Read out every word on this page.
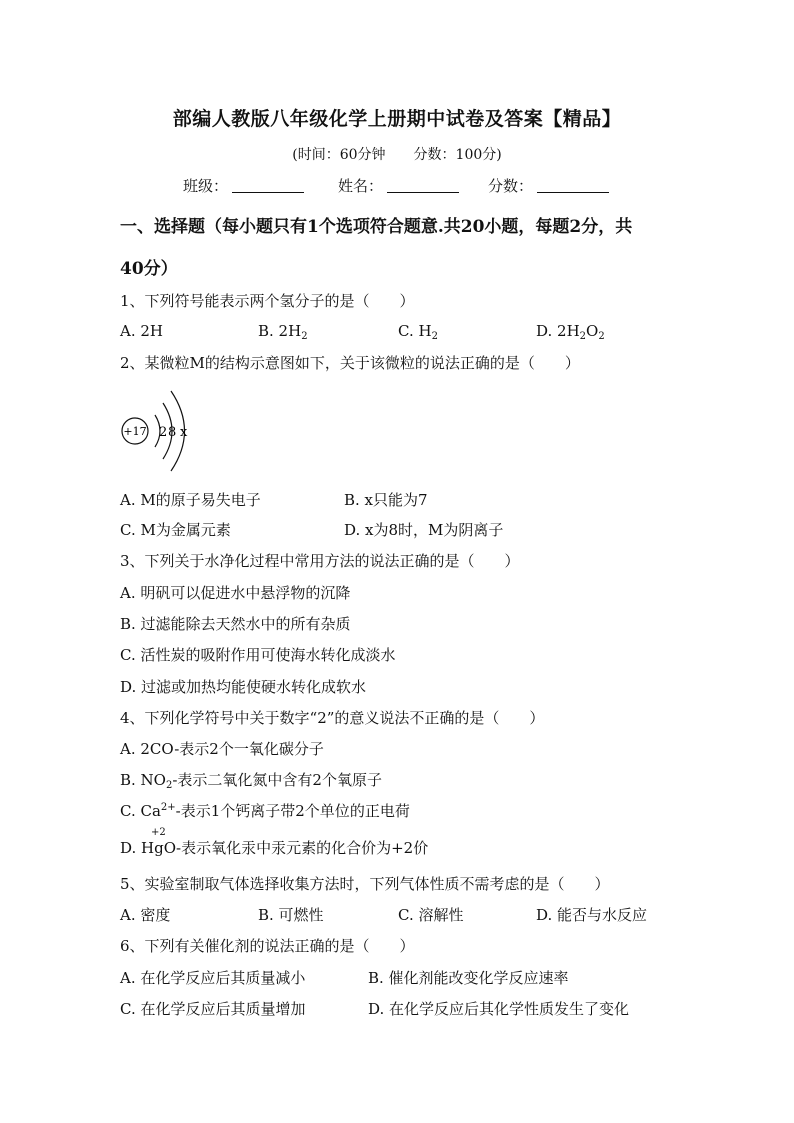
部编人教版八年级化学上册期中试卷及答案【精品】
(时间：60分钟　　分数：100分)
班级：	姓名：	分数：
一、选择题（每小题只有1个选项符合题意.共20小题，每题2分，共
40分）
1、下列符号能表示两个氢分子的是（　　）
A. 2H	B. $2H_2$	C. $H_2$	D. $2H_2O_2$
2、某微粒M的结构示意图如下，关于该微粒的说法正确的是（　　）
+17 2 8 x
A. M的原子易失电子	B. x只能为7
C. M为金属元素	D. x为8时，M为阴离子
3、下列关于水净化过程中常用方法的说法正确的是（　　）
A. 明矾可以促进水中悬浮物的沉降
B. 过滤能除去天然水中的所有杂质
C. 活性炭的吸附作用可使海水转化成淡水
D. 过滤或加热均能使硬水转化成软水
4、下列化学符号中关于数字“2”的意义说法不正确的是（　　）
A. 2CO-表示2个一氧化碳分子
B. $NO_2-$表示二氧化氮中含有2个氧原子
C. $Ca^{2+}-$表示1个钙离子带2个单位的正电荷
D.
+2
HgO-表示氧化汞中汞元素的化合价为+2价
5、实验室制取气体选择收集方法时，下列气体性质不需考虑的是（　　）
A. 密度	B. 可燃性	C. 溶解性	D. 能否与水反应
6、下列有关催化剂的说法正确的是（　　）
A. 在化学反应后其质量减小	B. 催化剂能改变化学反应速率
C. 在化学反应后其质量增加	D. 在化学反应后其化学性质发生了变化
